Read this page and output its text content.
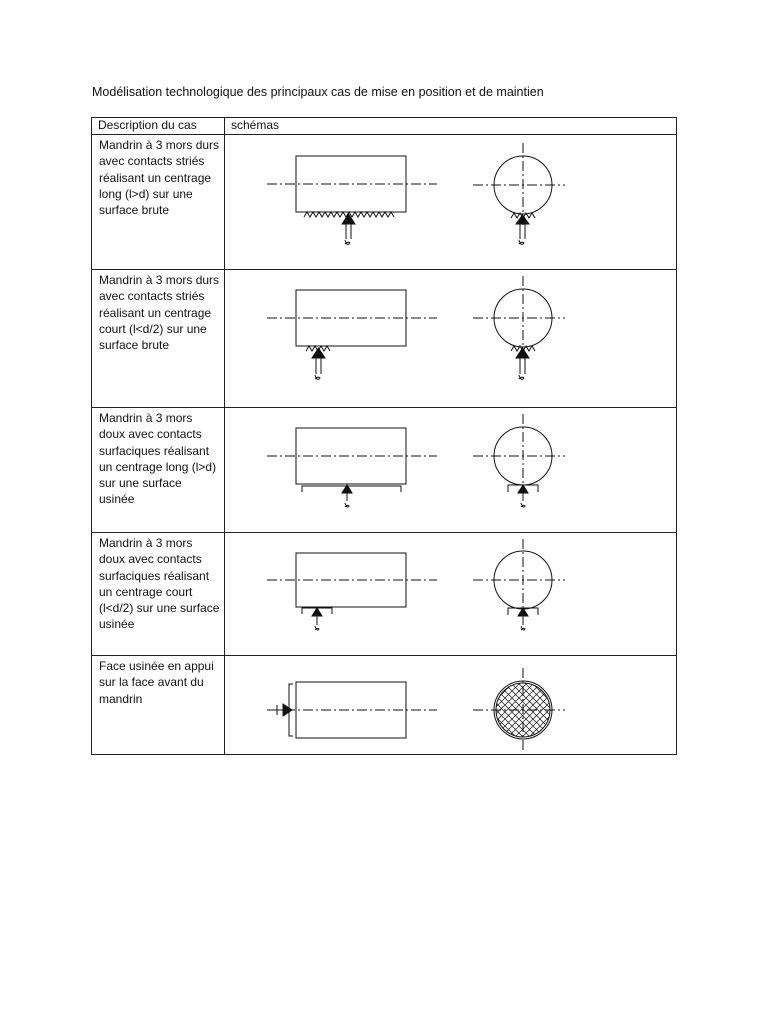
Modélisation technologique des principaux cas de mise en position et de maintien
Description du cas	schémas
Mandrin à 3 mors durs avec contacts striés réalisant un centrage long (l>d) sur une surface brute	

Mandrin à 3 mors durs avec contacts striés réalisant un centrage court (l<d/2) sur une surface brute	

Mandrin à 3 mors doux avec contacts surfaciques réalisant un centrage long (l>d) sur une surface usinée	

Mandrin à 3 mors doux avec contacts surfaciques réalisant un centrage court (l<d/2) sur une surface usinée	

Face usinée en appui sur la face avant du mandrin	
